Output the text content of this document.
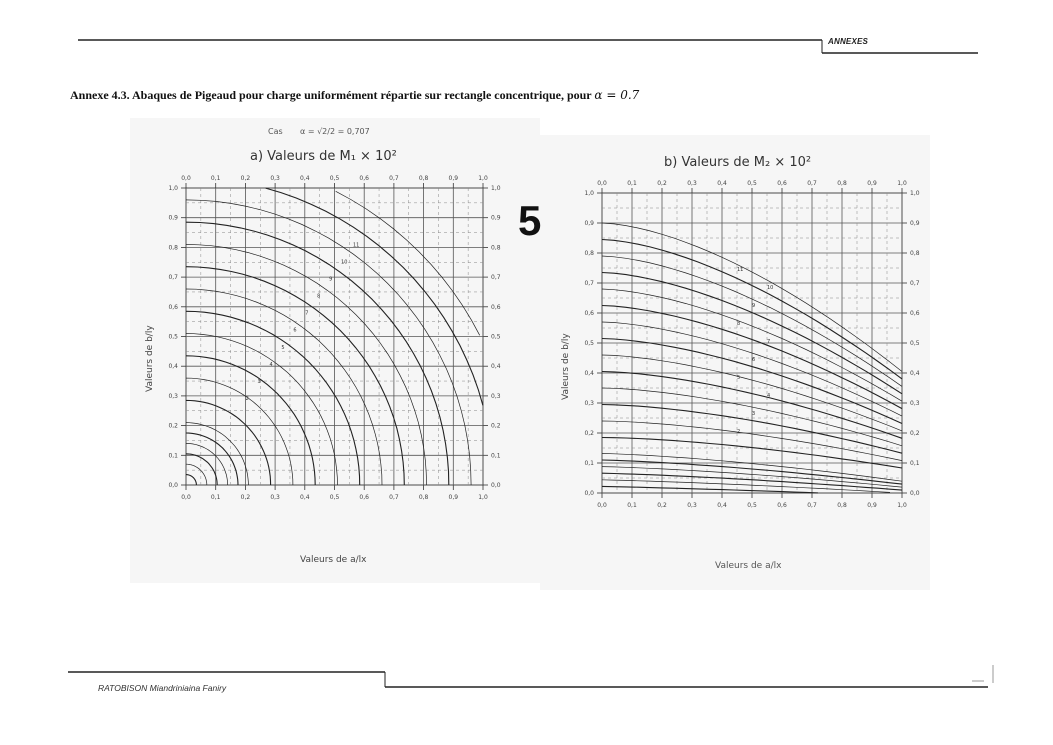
ANNEXES
Annexe 4.3. Abaques de Pigeaud pour charge uniformément répartie sur rectangle concentrique, pour α = 0.7
Cas α = √2/2 = 0,707
a) Valeurs de M₁ × 10²	b) Valeurs de M₂ × 10²
5
Valeurs de a/lx
Valeurs de a/lx
Valeurs de b/ly	Valeurs de b/ly
0,0
0,0
0,0	0,0
0,1
0,1
0,1	0,1
0,2
0,2
0,2	0,2
0,3
0,3
0,3	0,3
0,4
0,4
0,4	0,4
0,5
0,5
0,5	0,5
0,6
0,6
0,6	0,6
0,7
0,7
0,7	0,7
0,8
0,8
0,8	0,8
0,9
0,9
0,9	0,9
1,0
1,0
1,0	1,0
2
3
4
5
6
7
8
9
10
11
0,0
0,0
0,0	0,0
0,1
0,1
0,1	0,1
0,2
0,2
0,2	0,2
0,3
0,3
0,3	0,3
0,4
0,4
0,4	0,4
0,5
0,5
0,5	0,5
0,6
0,6
0,6	0,6
0,7
0,7
0,7	0,7
0,8
0,8
0,8	0,8
0,9
0,9
0,9	0,9
1,0
1,0
1,0	1,0
2
3
4
5
6
7
8
9
10
11
RATOBISON Miandriniaina Faniry
